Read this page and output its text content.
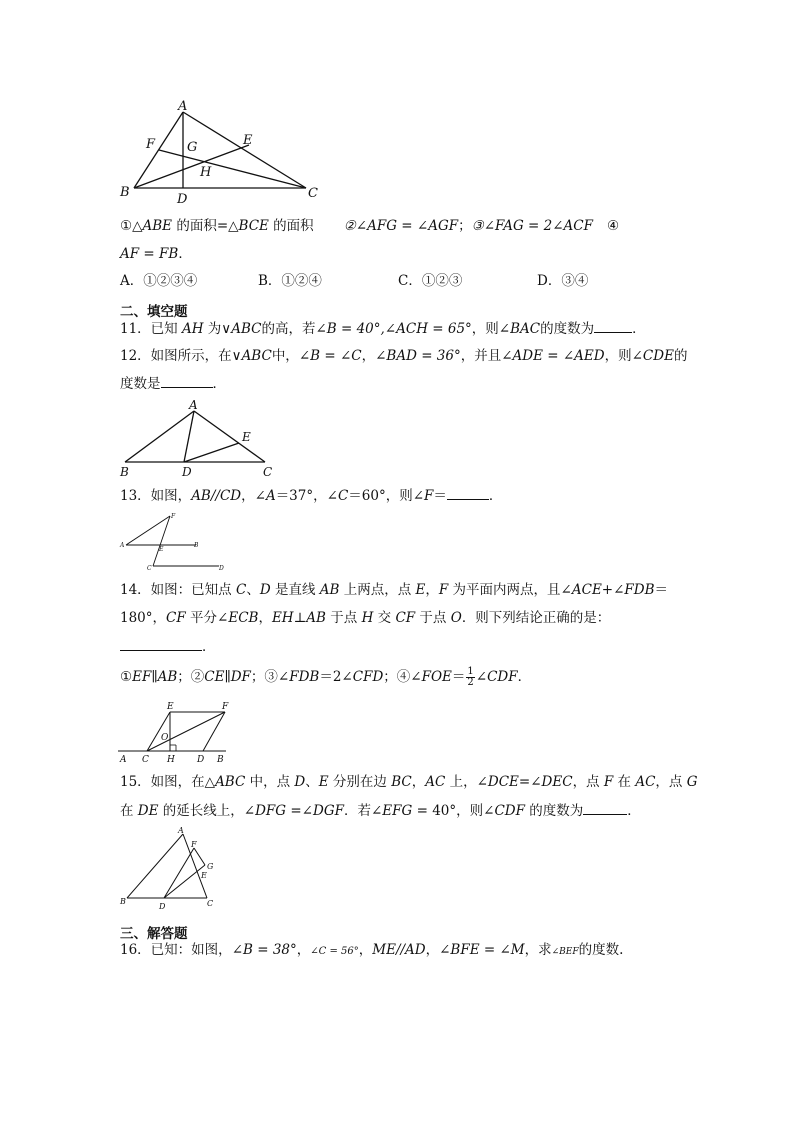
A
B	C
D
E
F G
H
①△ABE 的面积=△BCE 的面积 ②∠AFG = ∠AGF；③∠FAG = 2∠ACF ④
AF = FB．
A．①②③④	B．①②④	C．①②③	D．③④
二、填空题
11．已知 AH 为∨ABC的高，若∠B = 40°,∠ACH = 65°，则∠BAC的度数为	．
12．如图所示，在∨ABC中，∠B = ∠C，∠BAD = 36°，并且∠ADE = ∠AED，则∠CDE的
度数是	．
A
B	C
D
E
13．如图，AB//CD，∠A＝37°，∠C＝60°，则∠F＝	．
A	B
C	D
E
F
14．如图：已知点 C、D 是直线 AB 上两点，点 E，F 为平面内两点，且∠ACE+∠FDB＝
180°，CF 平分∠ECB，EH⊥AB 于点 H 交 CF 于点 O．则下列结论正确的是：
．
①EF∥AB；②CE∥DF；③∠FDB＝2∠CFD；④∠FOE＝ $\frac{1}{2}$ ∠CDF．
A C H D B
E	F
O
15．如图，在△ABC 中，点 D、E 分别在边 BC，AC 上，∠DCE=∠DEC，点 F 在 AC，点 G
在 DE 的延长线上，∠DFG =∠DGF．若∠EFG = 40°，则∠CDF 的度数为	．
A
B	C
D
E
F
G
三、解答题
16．已知：如图，∠B = 38°，∠C = 56°，ME//AD，∠BFE = ∠M，求∠BEF的度数.
